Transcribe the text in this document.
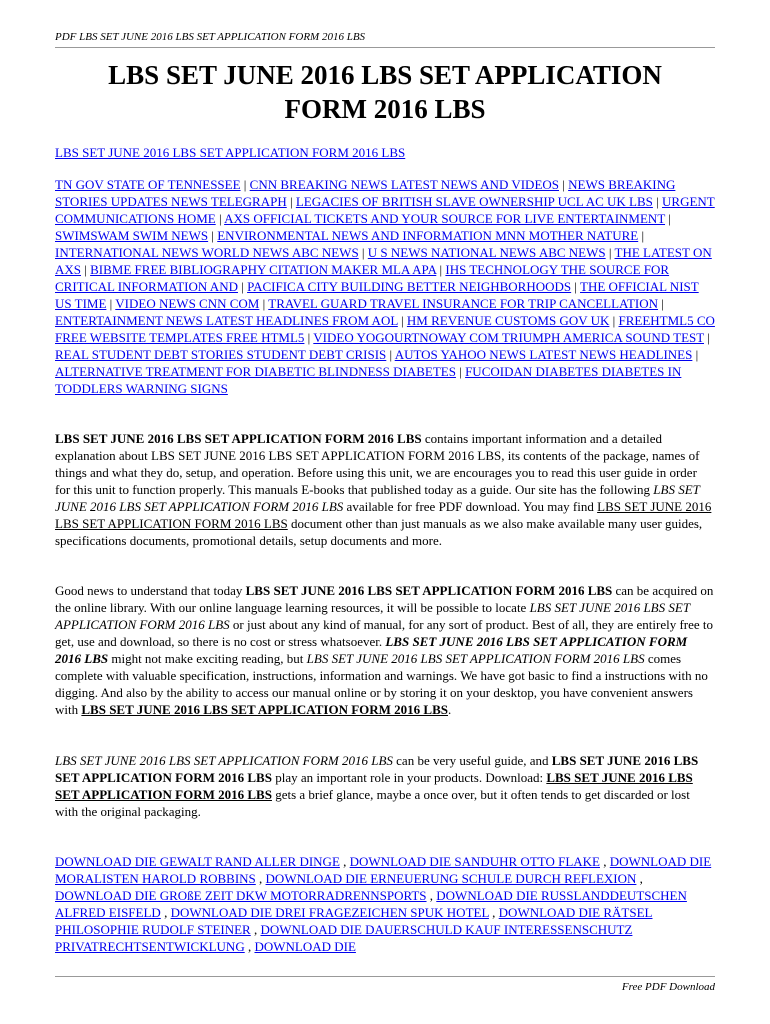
PDF LBS SET JUNE 2016 LBS SET APPLICATION FORM 2016 LBS
LBS SET JUNE 2016 LBS SET APPLICATION
FORM 2016 LBS
LBS SET JUNE 2016 LBS SET APPLICATION FORM 2016 LBS
TN GOV STATE OF TENNESSEE | CNN BREAKING NEWS LATEST NEWS AND VIDEOS | NEWS BREAKING STORIES UPDATES NEWS TELEGRAPH | LEGACIES OF BRITISH SLAVE OWNERSHIP UCL AC UK LBS | URGENT COMMUNICATIONS HOME | AXS OFFICIAL TICKETS AND YOUR SOURCE FOR LIVE ENTERTAINMENT | SWIMSWAM SWIM NEWS | ENVIRONMENTAL NEWS AND INFORMATION MNN MOTHER NATURE | INTERNATIONAL NEWS WORLD NEWS ABC NEWS | U S NEWS NATIONAL NEWS ABC NEWS | THE LATEST ON AXS | BIBME FREE BIBLIOGRAPHY CITATION MAKER MLA APA | IHS TECHNOLOGY THE SOURCE FOR CRITICAL INFORMATION AND | PACIFICA CITY BUILDING BETTER NEIGHBORHOODS | THE OFFICIAL NIST US TIME | VIDEO NEWS CNN COM | TRAVEL GUARD TRAVEL INSURANCE FOR TRIP CANCELLATION | ENTERTAINMENT NEWS LATEST HEADLINES FROM AOL | HM REVENUE CUSTOMS GOV UK | FREEHTML5 CO FREE WEBSITE TEMPLATES FREE HTML5 | VIDEO YOGOURTNOWAY COM TRIUMPH AMERICA SOUND TEST | REAL STUDENT DEBT STORIES STUDENT DEBT CRISIS | AUTOS YAHOO NEWS LATEST NEWS HEADLINES | ALTERNATIVE TREATMENT FOR DIABETIC BLINDNESS DIABETES | FUCOIDAN DIABETES DIABETES IN TODDLERS WARNING SIGNS

LBS SET JUNE 2016 LBS SET APPLICATION FORM 2016 LBS contains important information and a detailed explanation about LBS SET JUNE 2016 LBS SET APPLICATION FORM 2016 LBS, its contents of the package, names of things and what they do, setup, and operation. Before using this unit, we are encourages you to read this user guide in order for this unit to function properly. This manuals E-books that published today as a guide. Our site has the following LBS SET JUNE 2016 LBS SET APPLICATION FORM 2016 LBS available for free PDF download. You may find LBS SET JUNE 2016 LBS SET APPLICATION FORM 2016 LBS document other than just manuals as we also make available many user guides, specifications documents, promotional details, setup documents and more.

Good news to understand that today LBS SET JUNE 2016 LBS SET APPLICATION FORM 2016 LBS can be acquired on the online library. With our online language learning resources, it will be possible to locate LBS SET JUNE 2016 LBS SET APPLICATION FORM 2016 LBS or just about any kind of manual, for any sort of product. Best of all, they are entirely free to get, use and download, so there is no cost or stress whatsoever. LBS SET JUNE 2016 LBS SET APPLICATION FORM 2016 LBS might not make exciting reading, but LBS SET JUNE 2016 LBS SET APPLICATION FORM 2016 LBS comes complete with valuable specification, instructions, information and warnings. We have got basic to find a instructions with no digging. And also by the ability to access our manual online or by storing it on your desktop, you have convenient answers with LBS SET JUNE 2016 LBS SET APPLICATION FORM 2016 LBS.

LBS SET JUNE 2016 LBS SET APPLICATION FORM 2016 LBS can be very useful guide, and LBS SET JUNE 2016 LBS SET APPLICATION FORM 2016 LBS play an important role in your products. Download: LBS SET JUNE 2016 LBS SET APPLICATION FORM 2016 LBS gets a brief glance, maybe a once over, but it often tends to get discarded or lost with the original packaging.

DOWNLOAD DIE GEWALT RAND ALLER DINGE , DOWNLOAD DIE SANDUHR OTTO FLAKE , DOWNLOAD DIE MORALISTEN HAROLD ROBBINS , DOWNLOAD DIE ERNEUERUNG SCHULE DURCH REFLEXION , DOWNLOAD DIE GROßE ZEIT DKW MOTORRADRENNSPORTS , DOWNLOAD DIE RUSSLANDDEUTSCHEN ALFRED EISFELD , DOWNLOAD DIE DREI FRAGEZEICHEN SPUK HOTEL , DOWNLOAD DIE RÄTSEL PHILOSOPHIE RUDOLF STEINER , DOWNLOAD DIE DAUERSCHULD KAUF INTERESSENSCHUTZ PRIVATRECHTSENTWICKLUNG , DOWNLOAD DIE
Free PDF Download
